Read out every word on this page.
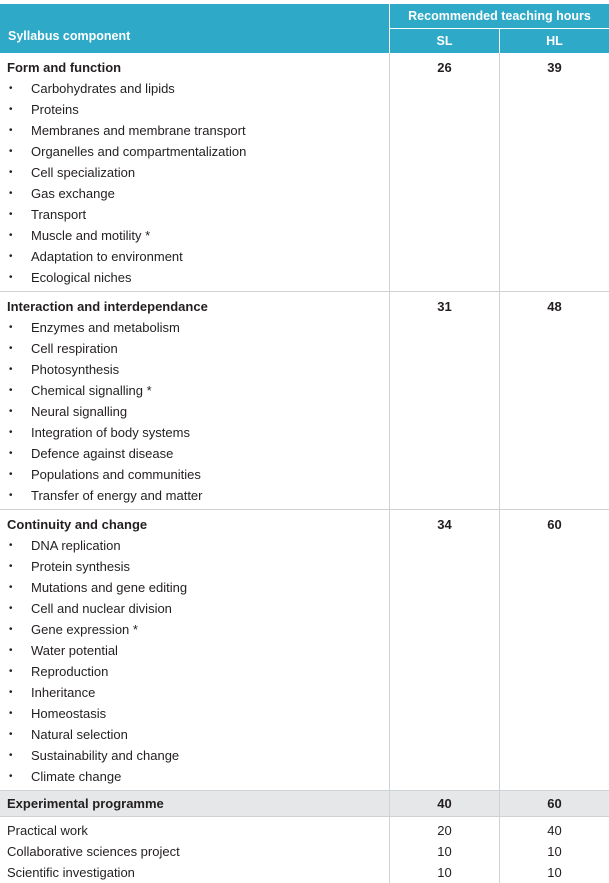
Syllabus component
Recommended teaching hours
SL	HL
Form and function	26	39
• Carbohydrates and lipids
• Proteins
• Membranes and membrane transport
• Organelles and compartmentalization
• Cell specialization
• Gas exchange
• Transport
• Muscle and motility *
• Adaptation to environment
• Ecological niches
Interaction and interdependance	31	48
• Enzymes and metabolism
• Cell respiration
• Photosynthesis
• Chemical signalling *
• Neural signalling
• Integration of body systems
• Defence against disease
• Populations and communities
• Transfer of energy and matter
Continuity and change	34	60
• DNA replication
• Protein synthesis
• Mutations and gene editing
• Cell and nuclear division
• Gene expression *
• Water potential
• Reproduction
• Inheritance
• Homeostasis
• Natural selection
• Sustainability and change
• Climate change
Experimental programme	40	60
Practical work	20	40
Collaborative sciences project	10	10
Scientific investigation	10	10
